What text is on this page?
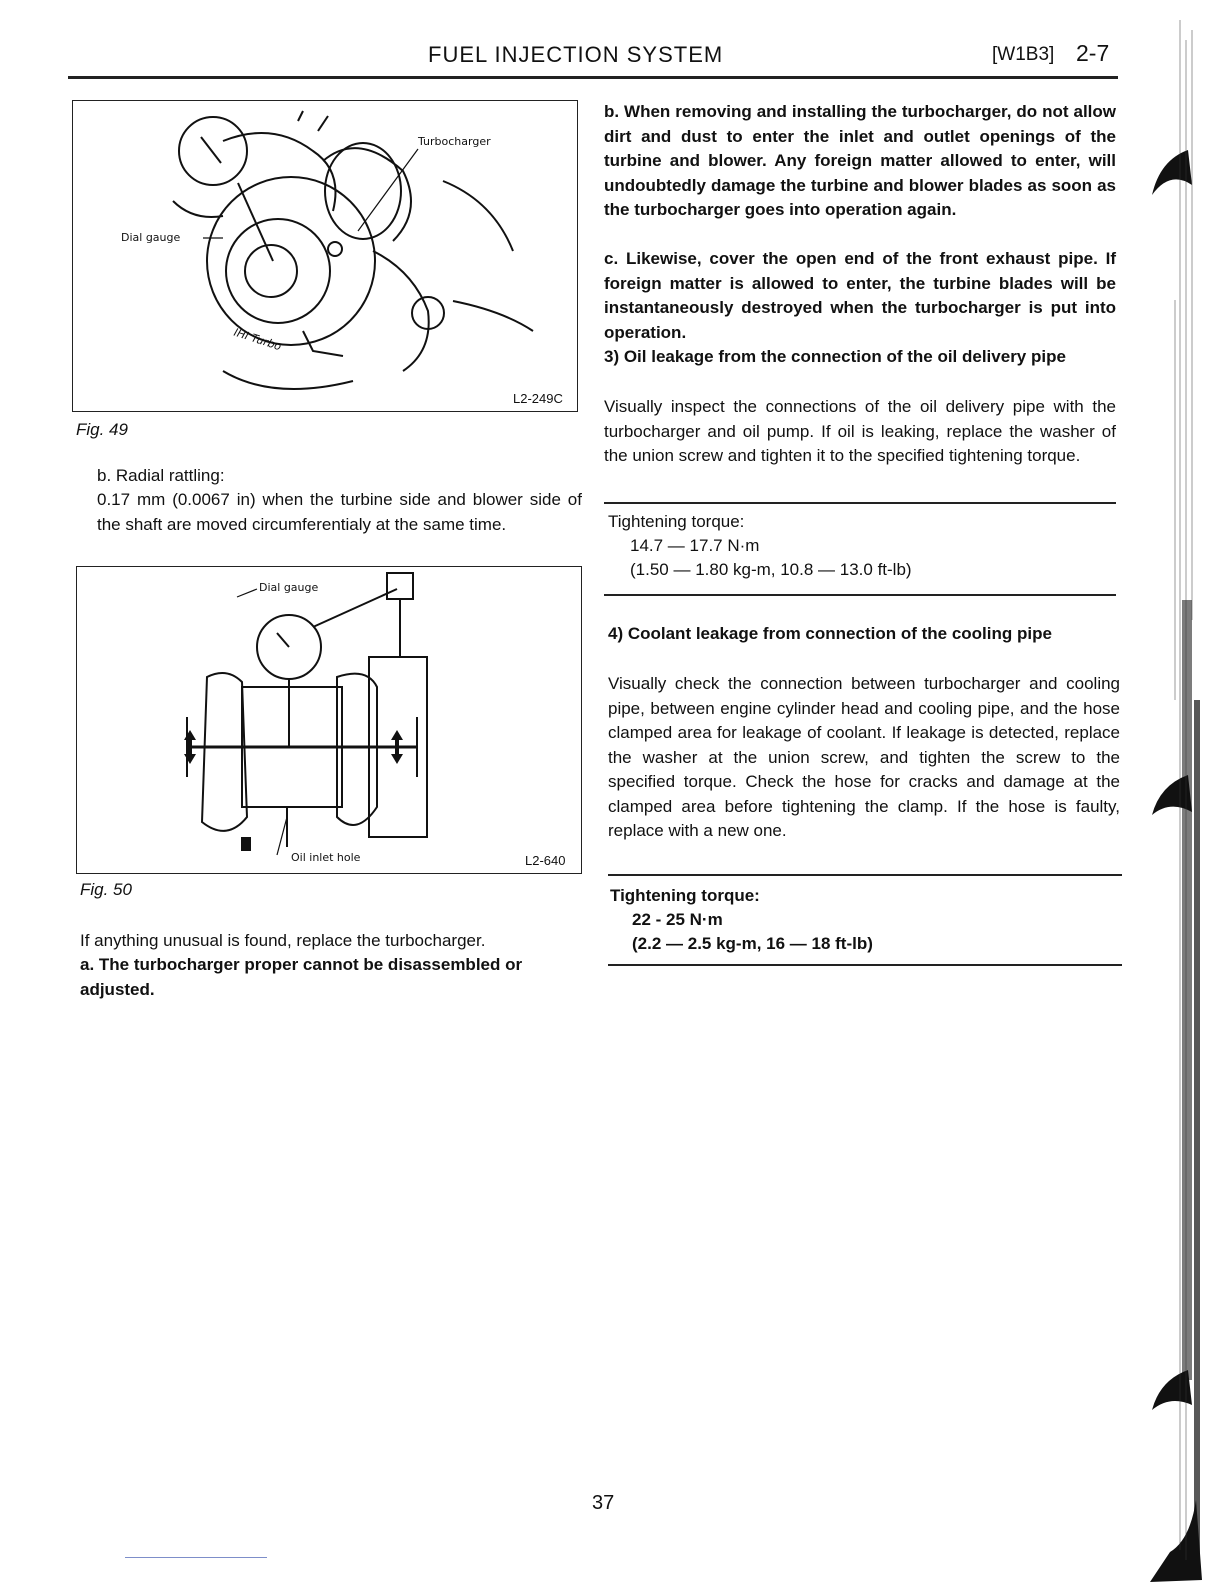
FUEL INJECTION SYSTEM	[W1B3] 2-7
Turbocharger
Dial gauge
IHI Turbo
L2-249C
Fig. 49
b. Radial rattling:
0.17 mm (0.0067 in) when the turbine side and blower side of the shaft are moved circumferentialy at the same time.
Dial gauge
Oil inlet hole	L2-640
Fig. 50
If anything unusual is found, replace the turbocharger.
a. The turbocharger proper cannot be disassembled or adjusted.
b. When removing and installing the turbocharger, do not allow dirt and dust to enter the inlet and outlet openings of the turbine and blower. Any foreign matter allowed to enter, will undoubtedly damage the turbine and blower blades as soon as the turbocharger goes into operation again.
c. Likewise, cover the open end of the front exhaust pipe. If foreign matter is allowed to enter, the turbine blades will be instantaneously destroyed when the turbocharger is put into operation.
3) Oil leakage from the connection of the oil delivery pipe
Visually inspect the connections of the oil delivery pipe with the turbocharger and oil pump. If oil is leaking, replace the washer of the union screw and tighten it to the specified tightening torque.
Tightening torque:
14.7 — 17.7 N·m
(1.50 — 1.80 kg-m, 10.8 — 13.0 ft-lb)
4) Coolant leakage from connection of the cooling pipe
Visually check the connection between turbocharger and cooling pipe, between engine cylinder head and cooling pipe, and the hose clamped area for leakage of coolant. If leakage is detected, replace the washer at the union screw, and tighten the screw to the specified torque. Check the hose for cracks and damage at the clamped area before tightening the clamp. If the hose is faulty, replace with a new one.
Tightening torque:
22 - 25 N·m
(2.2 — 2.5 kg-m, 16 — 18 ft-lb)
37
